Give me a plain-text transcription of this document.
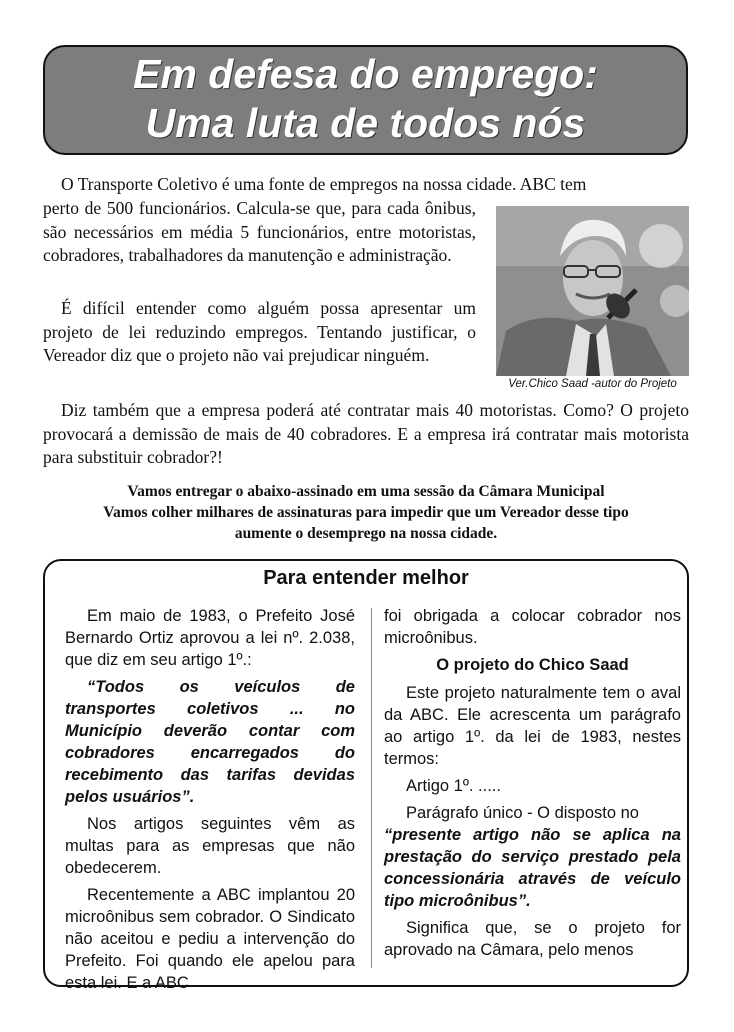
Em defesa do emprego:
Uma luta de todos nós
O Transporte Coletivo é uma fonte de empregos na nossa cidade. ABC tem
perto de 500 funcionários. Calcula-se que, para cada ônibus, são necessários em média 5 funcionários, entre motoristas, cobradores, trabalhadores da manutenção e administração.
É difícil entender como alguém possa apresentar um projeto de lei reduzindo empregos. Tentando justificar, o Vereador diz que o projeto não vai prejudicar ninguém.
Ver.Chico Saad -autor do Projeto
Diz também que a empresa poderá até contratar mais 40 motoristas. Como? O projeto provocará a demissão de mais de 40 cobradores. E a empresa irá contratar mais motorista para substituir cobrador?!
Vamos entregar o abaixo-assinado em uma sessão da Câmara Municipal
Vamos colher milhares de assinaturas para impedir que um Vereador desse tipo
aumente o desemprego na nossa cidade.
Para entender melhor

Em maio de 1983, o Prefeito José Bernardo Ortiz aprovou a lei nº. 2.038, que diz em seu artigo 1º.:

“Todos os veículos de transportes coletivos ... no Município deverão contar com cobradores encarregados do recebimento das tarifas devidas pelos usuários”.

Nos artigos seguintes vêm as multas para as empresas que não obedecerem.

Recentemente a ABC implantou 20 microônibus sem cobrador. O Sindicato não aceitou e pediu a intervenção do Prefeito. Foi quando ele apelou para esta lei. E a ABC

foi obrigada a colocar cobrador nos microônibus.

O projeto do Chico Saad

Este projeto naturalmente tem o aval da ABC. Ele acrescenta um parágrafo ao artigo 1º. da lei de 1983, nestes termos:

Artigo 1º. .....

Parágrafo único - O disposto no

“presente artigo não se aplica na prestação do serviço prestado pela concessionária através de veículo tipo microônibus”.

Significa que, se o projeto for aprovado na Câmara, pelo menos
